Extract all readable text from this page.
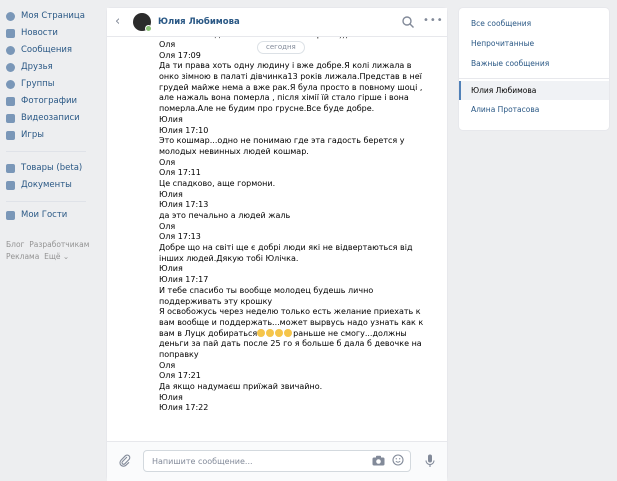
Моя Страница
Новости
Сообщения
Друзья
Группы
Фотографии
Видеозаписи
Игры
Товары (beta)
Документы
Мои Гости
Блог Разработчикам
Реклама Ещё ⌄
‹	Юлия Любимова	•••
сегодня
Оля
Оля 17:09
Да ти права хоть одну людину і вже добре.Я колі лижала в
онко зімною в палаті дівчинка13 років лижала.Представ в неї
грудей майже нема а вже рак.Я була просто в повному шоці ,
але нажаль вона померла , після хімії їй стало гірше і вона
померла.Але не будим про грусне.Все буде добре.
Юлия
Юлия 17:10
Это кошмар...одно не понимаю где эта гадость берется у
молодых невинных людей кошмар.
Оля
Оля 17:11
Це спадково, аще гормони.
Юлия
Юлия 17:13
да это печально а людей жаль
Оля
Оля 17:13
Добре що на світі ще є добрі люди які не відвертаються від
інших людей.Дякую тобі Юлічка.
Юлия
Юлия 17:17
И тебе спасибо ты вообще молодец будешь лично
поддерживать эту крошку
Я освобожусь через неделю только есть желание приехать к
вам вообще и поддержать...может вырвусь надо узнать как к
вам в Луцк добираться	раньше не смогу...должны
деньги за пай дать после 25 го я больше б дала б девочке на
поправку
Оля
Оля 17:21
Да якщо надумаєш приїжай звичайно.
Юлия
Юлия 17:22
Напишите сообщение...
Все сообщения
Непрочитанные
Важные сообщения
Юлия Любимова
Алина Протасова
